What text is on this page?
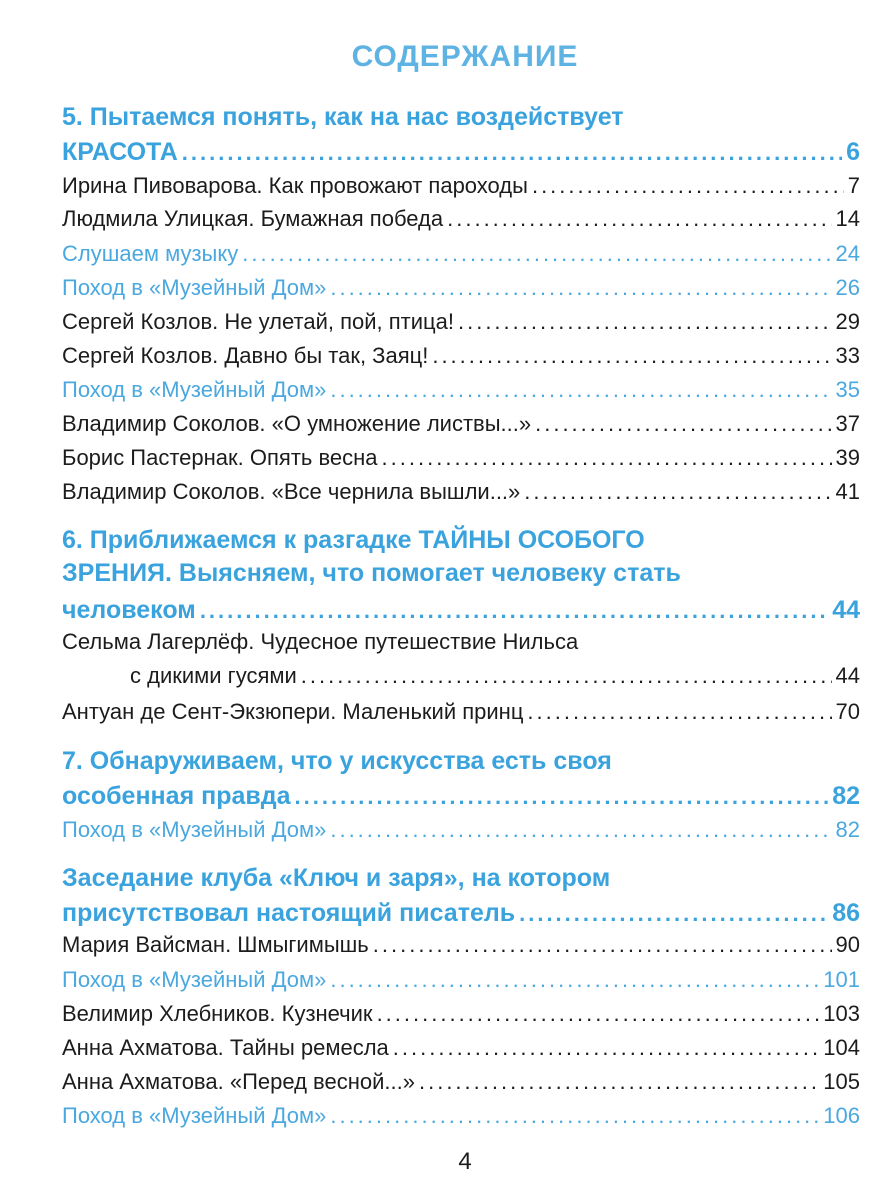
СОДЕРЖАНИЕ
5. Пытаемся понять, как на нас воздействует
КРАСОТА .....	6
Ирина Пивоварова. Как провожают пароходы .....	7
Людмила Улицкая. Бумажная победа .....	14
Слушаем музыку .....	24
Поход в «Музейный Дом» .....	26
Сергей Козлов. Не улетай, пой, птица! .....	29
Сергей Козлов. Давно бы так, Заяц! .....	33
Поход в «Музейный Дом» .....	35
Владимир Соколов. «О умножение листвы...» .....	37
Борис Пастернак. Опять весна .....	39
Владимир Соколов. «Все чернила вышли...» .....	41
6. Приближаемся к разгадке ТАЙНЫ ОСОБОГО
ЗРЕНИЯ. Выясняем, что помогает человеку стать
человеком .....	44
Сельма Лагерлёф. Чудесное путешествие Нильса
с дикими гусями .....	44
Антуан де Сент-Экзюпери. Маленький принц .....	70
7. Обнаруживаем, что у искусства есть своя
особенная правда .....	82
Поход в «Музейный Дом» .....	82
Заседание клуба «Ключ и заря», на котором
присутствовал настоящий писатель .....	86
Мария Вайсман. Шмыгимышь .....	90
Поход в «Музейный Дом» .....	101
Велимир Хлебников. Кузнечик .....	103
Анна Ахматова. Тайны ремесла .....	104
Анна Ахматова. «Перед весной...» .....	105
Поход в «Музейный Дом» .....	106
4
